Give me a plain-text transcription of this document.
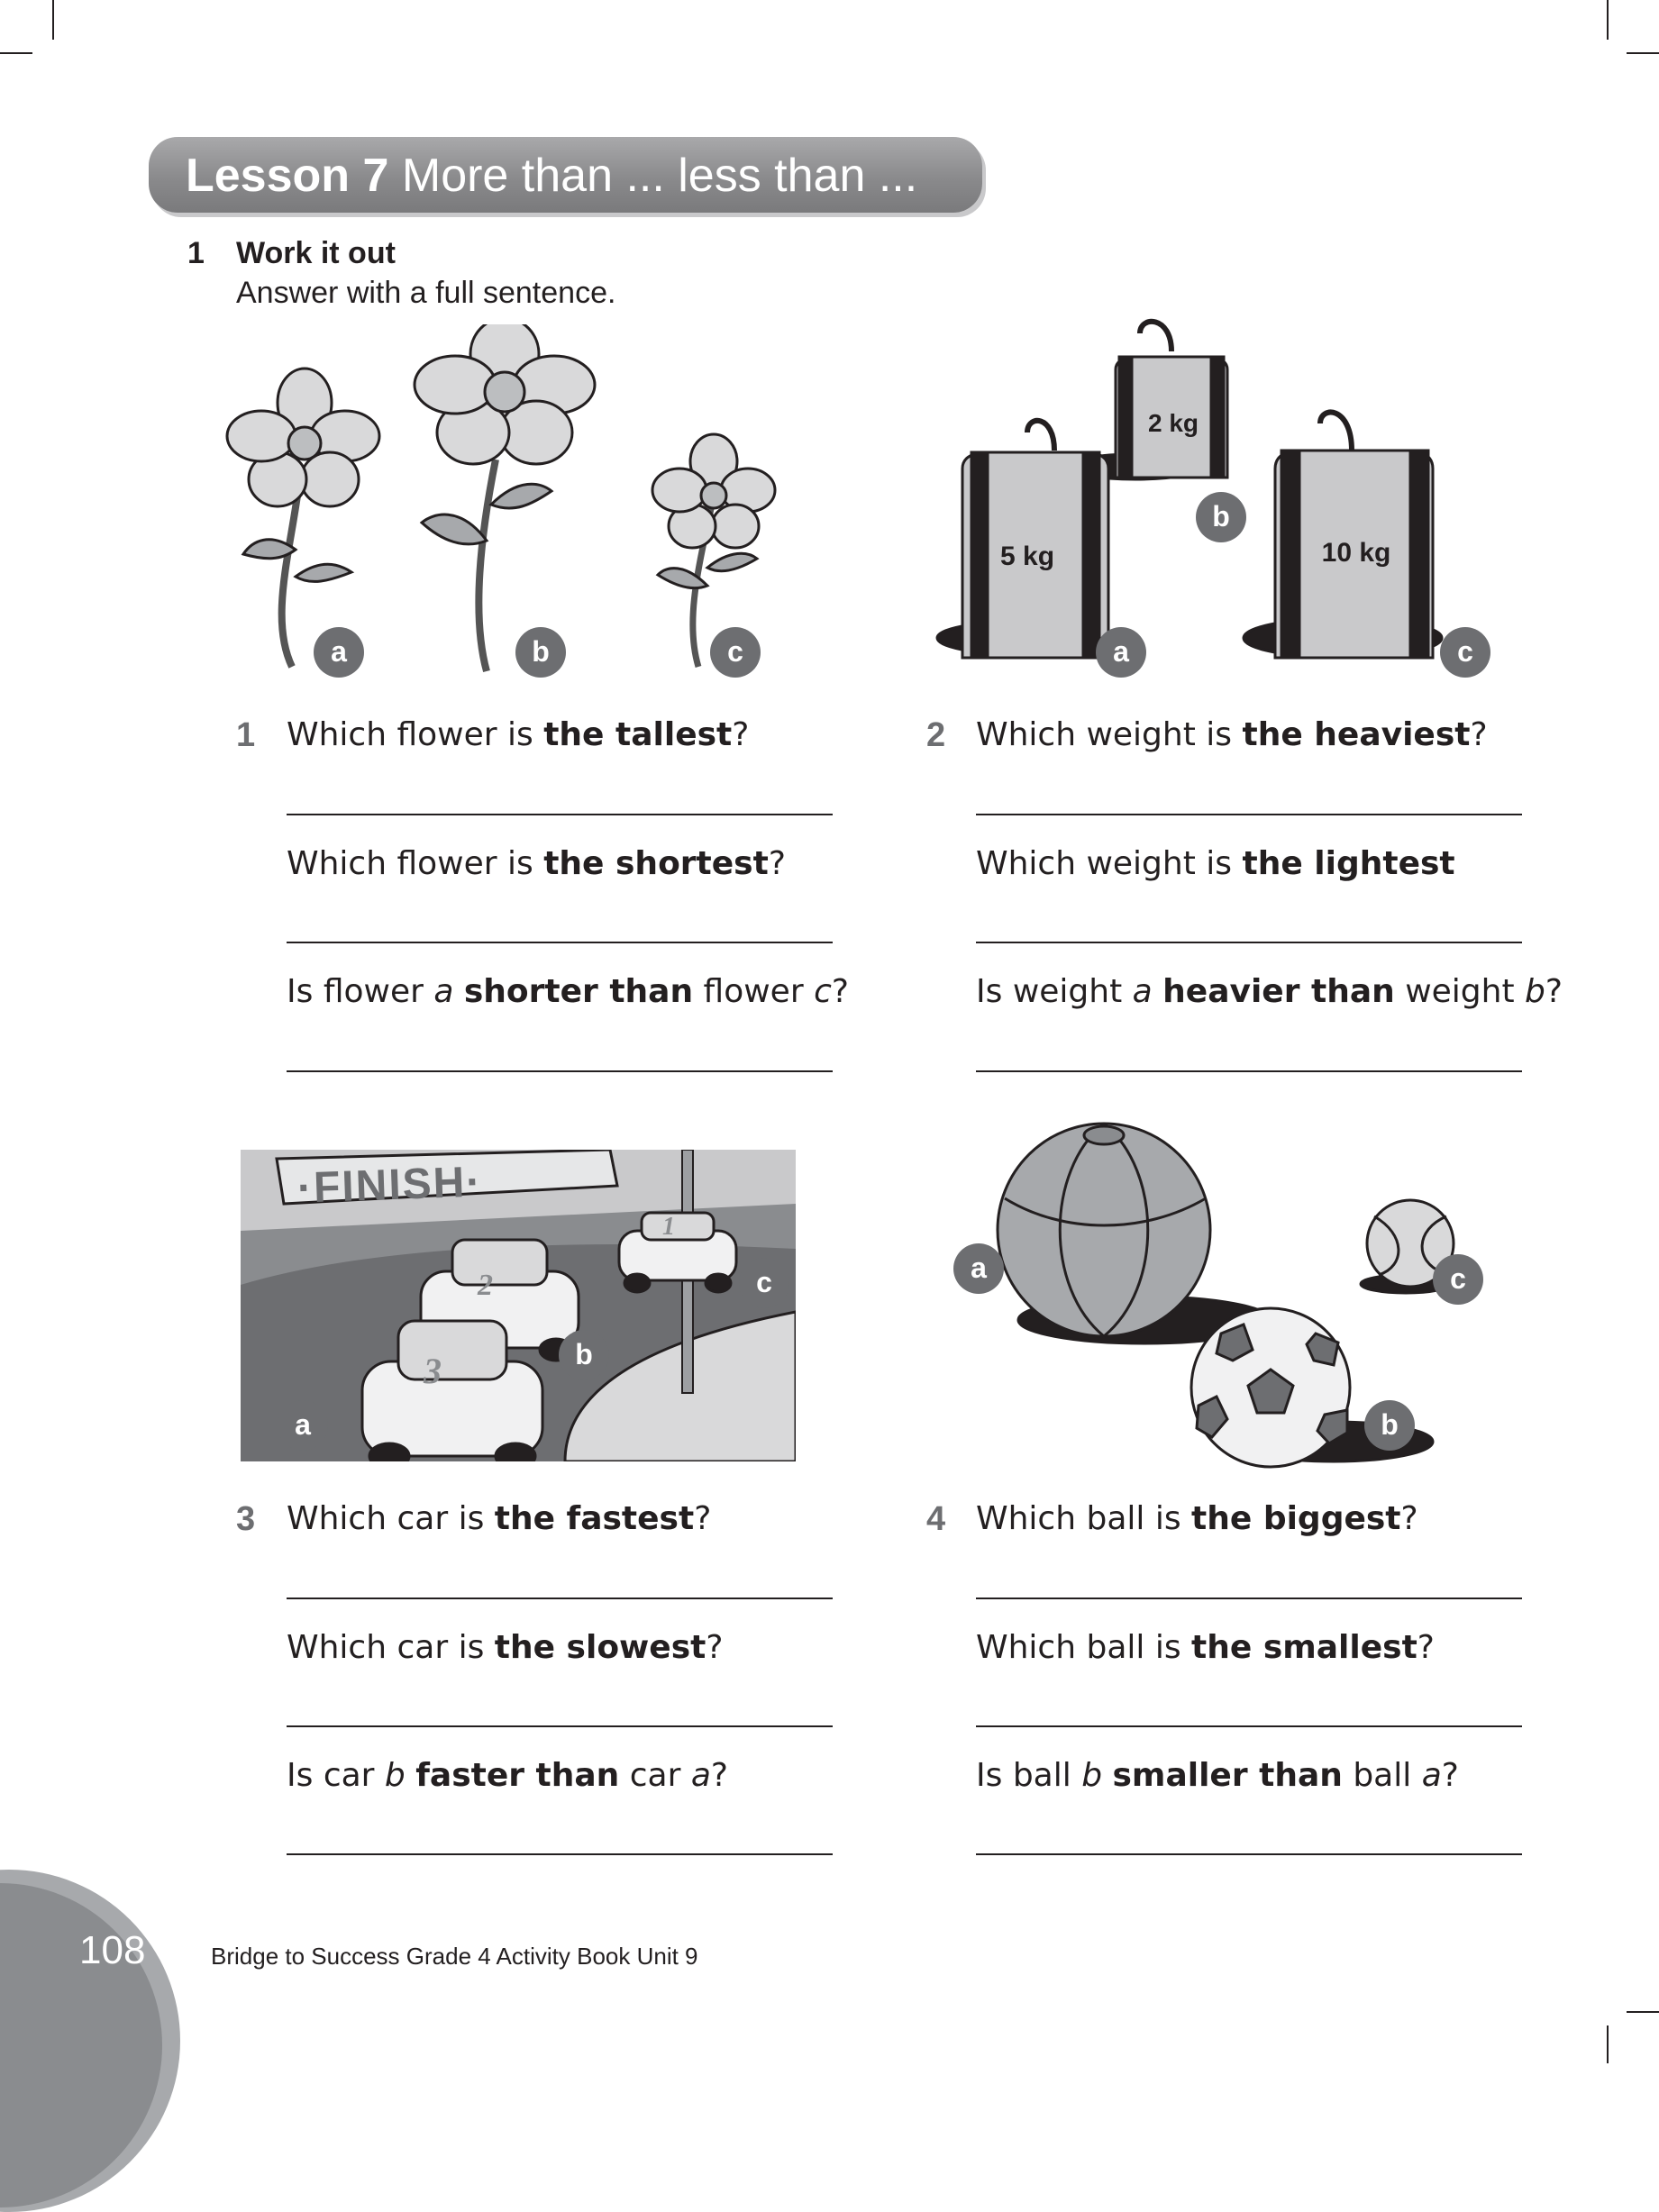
Lesson 7 More than ... less than ...
1 Work it out
Answer with a full sentence.
a	b	c
5 kg
2 kg
10 kg
a
b
c
1 Which flower is the tallest?
Which flower is the shortest?
Is flower a shorter than flower c?
2 Which weight is the heaviest?
Which weight is the lightest
Is weight a heavier than weight b?
·FINISH·
1
2
3
a
b
c	a
b
c
3 Which car is the fastest?
Which car is the slowest?
Is car b faster than car a?
4 Which ball is the biggest?
Which ball is the smallest?
Is ball b smaller than ball a?
108	Bridge to Success Grade 4 Activity Book Unit 9
